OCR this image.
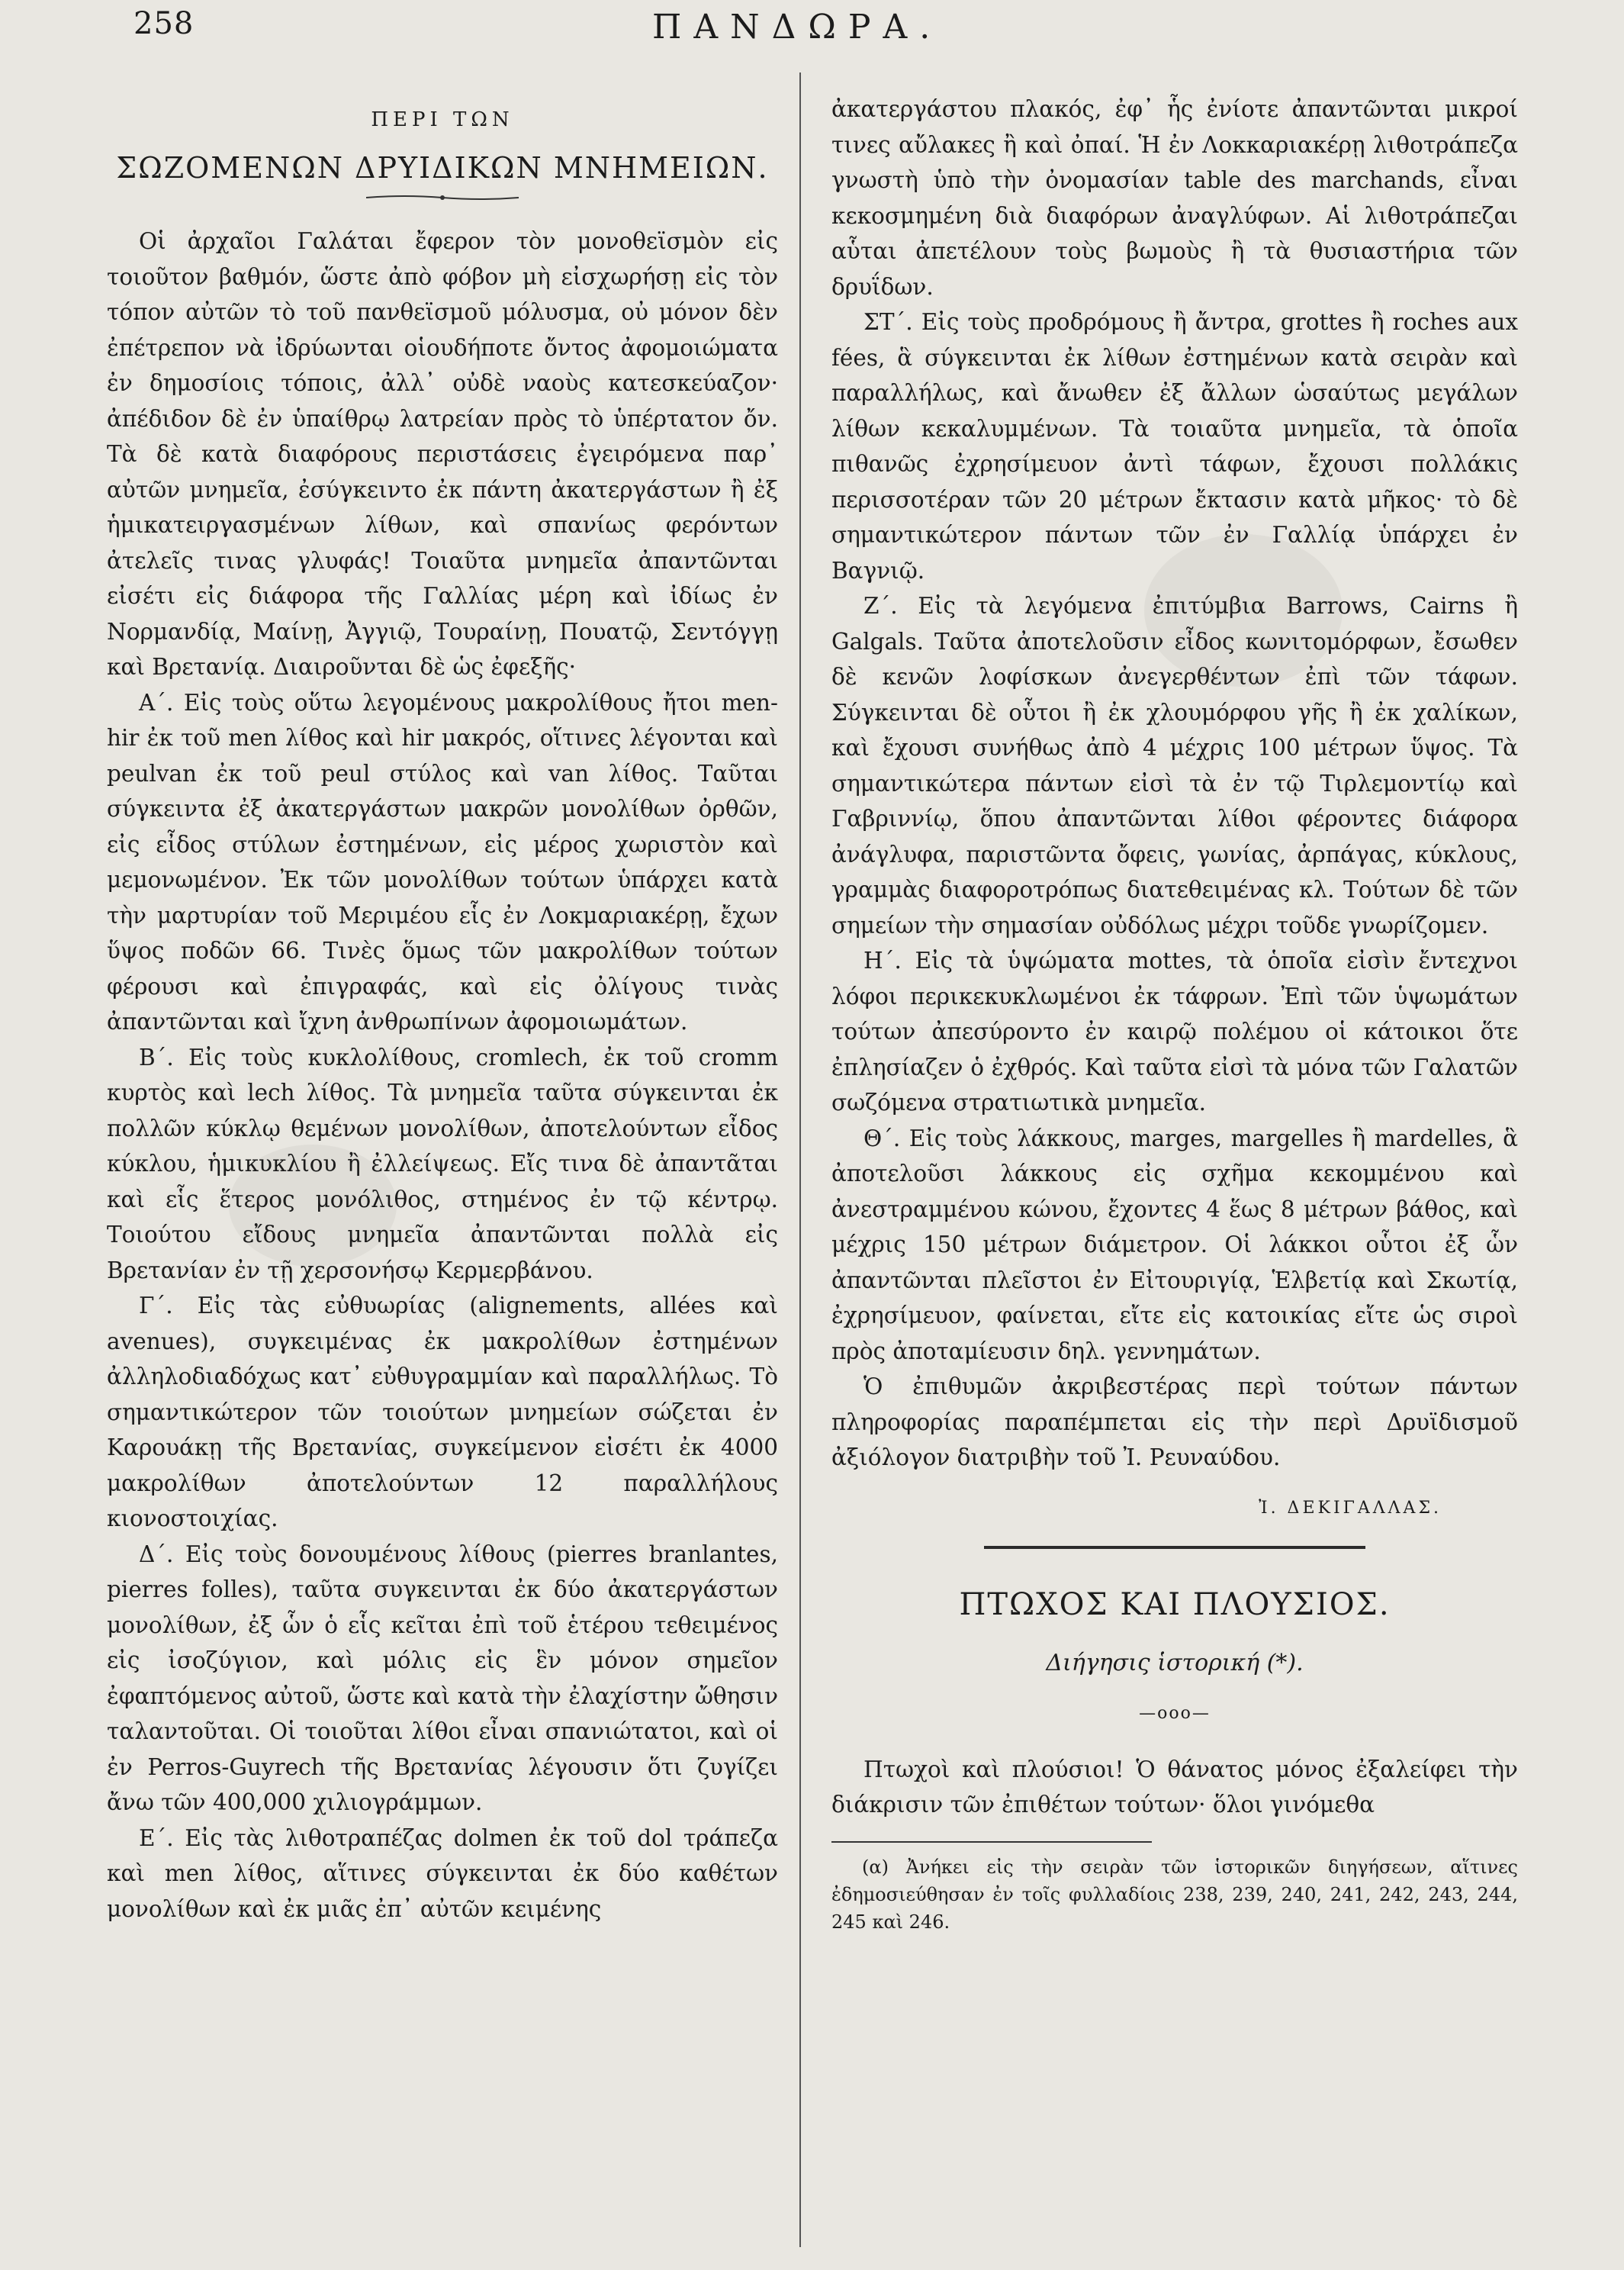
258	ΠΑΝΔΩΡΑ.
ΠΕΡΙ ΤΩΝ
ΣΩΖΟΜΕΝΩΝ ΔΡΥΙΔΙΚΩΝ ΜΝΗΜΕΙΩΝ.

Οἱ ἀρχαῖοι Γαλάται ἔφερον τὸν μονοθεϊσμὸν εἰς τοιοῦτον βαθμόν, ὥστε ἀπὸ φόβον μὴ εἰσχωρήσῃ εἰς τὸν τόπον αὐτῶν τὸ τοῦ πανθεϊσμοῦ μόλυσμα, οὐ μόνον δὲν ἐπέτρεπον νὰ ἰδρύωνται οἱουδήποτε ὄντος ἀφομοιώματα ἐν δημοσίοις τόποις, ἀλλ᾽ οὐδὲ ναοὺς κατεσκεύαζον· ἀπέδιδον δὲ ἐν ὑπαίθρῳ λατρείαν πρὸς τὸ ὑπέρτατον ὄν. Τὰ δὲ κατὰ διαφόρους περιστάσεις ἐγειρόμενα παρ᾽ αὐτῶν μνημεῖα, ἐσύγκειντο ἐκ πάντη ἀκατεργάστων ἢ ἐξ ἡμικατειργασμένων λίθων, καὶ σπανίως φερόντων ἀτελεῖς τινας γλυφάς! Τοιαῦτα μνημεῖα ἀπαντῶνται εἰσέτι εἰς διάφορα τῆς Γαλλίας μέρη καὶ ἰδίως ἐν Νορμανδίᾳ, Μαίνῃ, Ἀγγιῷ, Τουραίνῃ, Πουατῷ, Σεντόγγῃ καὶ Βρετανίᾳ. Διαιροῦνται δὲ ὡς ἐφεξῆς·

Α΄. Εἰς τοὺς οὕτω λεγομένους μακρολίθους ἤτοι men-hir ἐκ τοῦ men λίθος καὶ hir μακρός, οἵτινες λέγονται καὶ peulvan ἐκ τοῦ peul στύλος καὶ van λίθος. Ταῦται σύγκειντα ἐξ ἀκατεργάστων μακρῶν μονολίθων ὀρθῶν, εἰς εἶδος στύλων ἐστημένων, εἰς μέρος χωριστὸν καὶ μεμονωμένον. Ἐκ τῶν μονολίθων τούτων ὑπάρχει κατὰ τὴν μαρτυρίαν τοῦ Μεριμέου εἷς ἐν Λοκμαριακέρῃ, ἔχων ὕψος ποδῶν 66. Τινὲς ὅμως τῶν μακρολίθων τούτων φέρουσι καὶ ἐπιγραφάς, καὶ εἰς ὀλίγους τινὰς ἀπαντῶνται καὶ ἴχνη ἀνθρωπίνων ἀφομοιωμάτων.

Β΄. Εἰς τοὺς κυκλολίθους, cromlech, ἐκ τοῦ cromm κυρτὸς καὶ lech λίθος. Τὰ μνημεῖα ταῦτα σύγκεινται ἐκ πολλῶν κύκλῳ θεμένων μονολίθων, ἀποτελούντων εἶδος κύκλου, ἡμικυκλίου ἢ ἐλλείψεως. Εἴς τινα δὲ ἀπαντᾶται καὶ εἷς ἕτερος μονόλιθος, στημένος ἐν τῷ κέντρῳ. Τοιούτου εἴδους μνημεῖα ἀπαντῶνται πολλὰ εἰς Βρετανίαν ἐν τῇ χερσονήσῳ Κερμερβάνου.

Γ΄. Εἰς τὰς εὐθυωρίας (alignements, allées καὶ avenues), συγκειμένας ἐκ μακρολίθων ἐστημένων ἀλληλοδιαδόχως κατ᾽ εὐθυγραμμίαν καὶ παραλλήλως. Τὸ σημαντικώτερον τῶν τοιούτων μνημείων σώζεται ἐν Καρουάκῃ τῆς Βρετανίας, συγκείμενον εἰσέτι ἐκ 4000 μακρολίθων ἀποτελούντων 12 παραλλήλους κιονοστοιχίας.

Δ΄. Εἰς τοὺς δονουμένους λίθους (pierres branlantes, pierres folles), ταῦτα συγκεινται ἐκ δύο ἀκατεργάστων μονολίθων, ἐξ ὧν ὁ εἷς κεῖται ἐπὶ τοῦ ἑτέρου τεθειμένος εἰς ἰσοζύγιον, καὶ μόλις εἰς ἓν μόνον σημεῖον ἐφαπτόμενος αὐτοῦ, ὥστε καὶ κατὰ τὴν ἐλαχίστην ὤθησιν ταλαντοῦται. Οἱ τοιοῦται λίθοι εἶναι σπανιώτατοι, καὶ οἱ ἐν Perros-Guyrech τῆς Βρετανίας λέγουσιν ὅτι ζυγίζει ἄνω τῶν 400,000 χιλιογράμμων.

Ε΄. Εἰς τὰς λιθοτραπέζας dolmen ἐκ τοῦ dol τράπεζα καὶ men λίθος, αἵτινες σύγκεινται ἐκ δύο καθέτων μονολίθων καὶ ἐκ μιᾶς ἐπ᾽ αὐτῶν κειμένης

ἀκατεργάστου πλακός, ἐφ᾽ ἧς ἐνίοτε ἀπαντῶνται μικροί τινες αὔλακες ἢ καὶ ὀπαί. Ἡ ἐν Λοκκαριακέρῃ λιθοτράπεζα γνωστὴ ὑπὸ τὴν ὀνομασίαν table des marchands, εἶναι κεκοσμημένη διὰ διαφόρων ἀναγλύφων. Αἱ λιθοτράπεζαι αὗται ἀπετέλουν τοὺς βωμοὺς ἢ τὰ θυσιαστήρια τῶν δρυΐδων.

ΣΤ΄. Εἰς τοὺς προδρόμους ἢ ἄντρα, grottes ἢ roches aux fées, ἃ σύγκεινται ἐκ λίθων ἐστημένων κατὰ σειρὰν καὶ παραλλήλως, καὶ ἄνωθεν ἐξ ἄλλων ὡσαύτως μεγάλων λίθων κεκαλυμμένων. Τὰ τοιαῦτα μνημεῖα, τὰ ὁποῖα πιθανῶς ἐχρησίμευον ἀντὶ τάφων, ἔχουσι πολλάκις περισσοτέραν τῶν 20 μέτρων ἔκτασιν κατὰ μῆκος· τὸ δὲ σημαντικώτερον πάντων τῶν ἐν Γαλλίᾳ ὑπάρχει ἐν Βαγνιῷ.

Ζ΄. Εἰς τὰ λεγόμενα ἐπιτύμβια Barrows, Cairns ἢ Galgals. Ταῦτα ἀποτελοῦσιν εἶδος κωνιτομόρφων, ἔσωθεν δὲ κενῶν λοφίσκων ἀνεγερθέντων ἐπὶ τῶν τάφων. Σύγκεινται δὲ οὗτοι ἢ ἐκ χλουμόρφου γῆς ἢ ἐκ χαλίκων, καὶ ἔχουσι συνήθως ἀπὸ 4 μέχρις 100 μέτρων ὕψος. Τὰ σημαντικώτερα πάντων εἰσὶ τὰ ἐν τῷ Τιρλεμοντίῳ καὶ Γαβριννίῳ, ὅπου ἀπαντῶνται λίθοι φέροντες διάφορα ἀνάγλυφα, παριστῶντα ὄφεις, γωνίας, ἀρπάγας, κύκλους, γραμμὰς διαφοροτρόπως διατεθειμένας κλ. Τούτων δὲ τῶν σημείων τὴν σημασίαν οὐδόλως μέχρι τοῦδε γνωρίζομεν.

Η΄. Εἰς τὰ ὑψώματα mottes, τὰ ὁποῖα εἰσὶν ἔντεχνοι λόφοι περικεκυκλωμένοι ἐκ τάφρων. Ἐπὶ τῶν ὑψωμάτων τούτων ἀπεσύροντο ἐν καιρῷ πολέμου οἱ κάτοικοι ὅτε ἐπλησίαζεν ὁ ἐχθρός. Καὶ ταῦτα εἰσὶ τὰ μόνα τῶν Γαλατῶν σωζόμενα στρατιωτικὰ μνημεῖα.

Θ΄. Εἰς τοὺς λάκκους, marges, margelles ἢ mardelles, ἃ ἀποτελοῦσι λάκκους εἰς σχῆμα κεκομμένου καὶ ἀνεστραμμένου κώνου, ἔχοντες 4 ἕως 8 μέτρων βάθος, καὶ μέχρις 150 μέτρων διάμετρον. Οἱ λάκκοι οὗτοι ἐξ ὧν ἀπαντῶνται πλεῖστοι ἐν Εἰτουριγίᾳ, Ἑλβετίᾳ καὶ Σκωτίᾳ, ἐχρησίμευον, φαίνεται, εἴτε εἰς κατοικίας εἴτε ὡς σιροὶ πρὸς ἀποταμίευσιν δηλ. γεννημάτων.

Ὁ ἐπιθυμῶν ἀκριβεστέρας περὶ τούτων πάντων πληροφορίας παραπέμπεται εἰς τὴν περὶ Δρυϊδισμοῦ ἀξιόλογον διατριβὴν τοῦ Ἰ. Ρευναύδου.

Ἰ. ΔΕΚΙΓΑΛΛΑΣ.
ΠΤΩΧΟΣ ΚΑΙ ΠΛΟΥΣΙΟΣ.
Διήγησις ἱστορική (*).
—ooo—

Πτωχοὶ καὶ πλούσιοι! Ὁ θάνατος μόνος ἐξαλείφει τὴν διάκρισιν τῶν ἐπιθέτων τούτων· ὅλοι γινόμεθα

(α) Ἀνήκει εἰς τὴν σειρὰν τῶν ἱστορικῶν διηγήσεων, αἵτινες ἐδημοσιεύθησαν ἐν τοῖς φυλλαδίοις 238, 239, 240, 241, 242, 243, 244, 245 καὶ 246.
